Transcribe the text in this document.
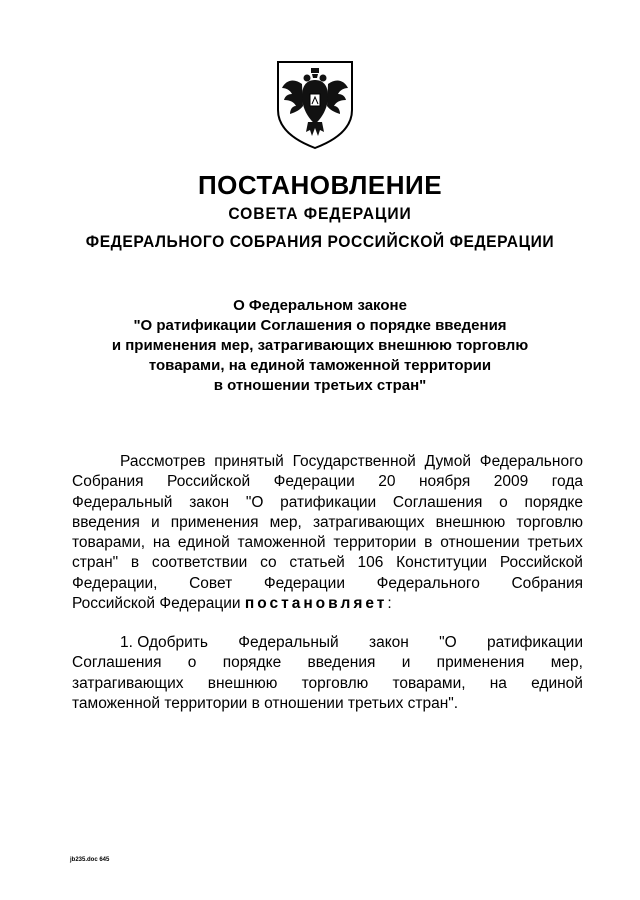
ПОСТАНОВЛЕНИЕ
СОВЕТА ФЕДЕРАЦИИ
ФЕДЕРАЛЬНОГО СОБРАНИЯ РОССИЙСКОЙ ФЕДЕРАЦИИ
О Федеральном законе
"О ратификации Соглашения о порядке введения
и применения мер, затрагивающих внешнюю торговлю
товарами, на единой таможенной территории
в отношении третьих стран"
Рассмотрев принятый Государственной Думой Федерального
Собрания Российской Федерации 20 ноября 2009 года
Федеральный закон "О ратификации Соглашения о порядке
введения и применения мер, затрагивающих внешнюю торговлю
товарами, на единой таможенной территории в отношении третьих
стран" в соответствии со статьей 106 Конституции Российской
Федерации, Совет Федерации Федерального Собрания
Российской Федерации постановляет :
1. Одобрить Федеральный закон "О ратификации
Соглашения о порядке введения и применения мер,
затрагивающих внешнюю торговлю товарами, на единой
таможенной территории в отношении третьих стран".
jb235.doc 645
